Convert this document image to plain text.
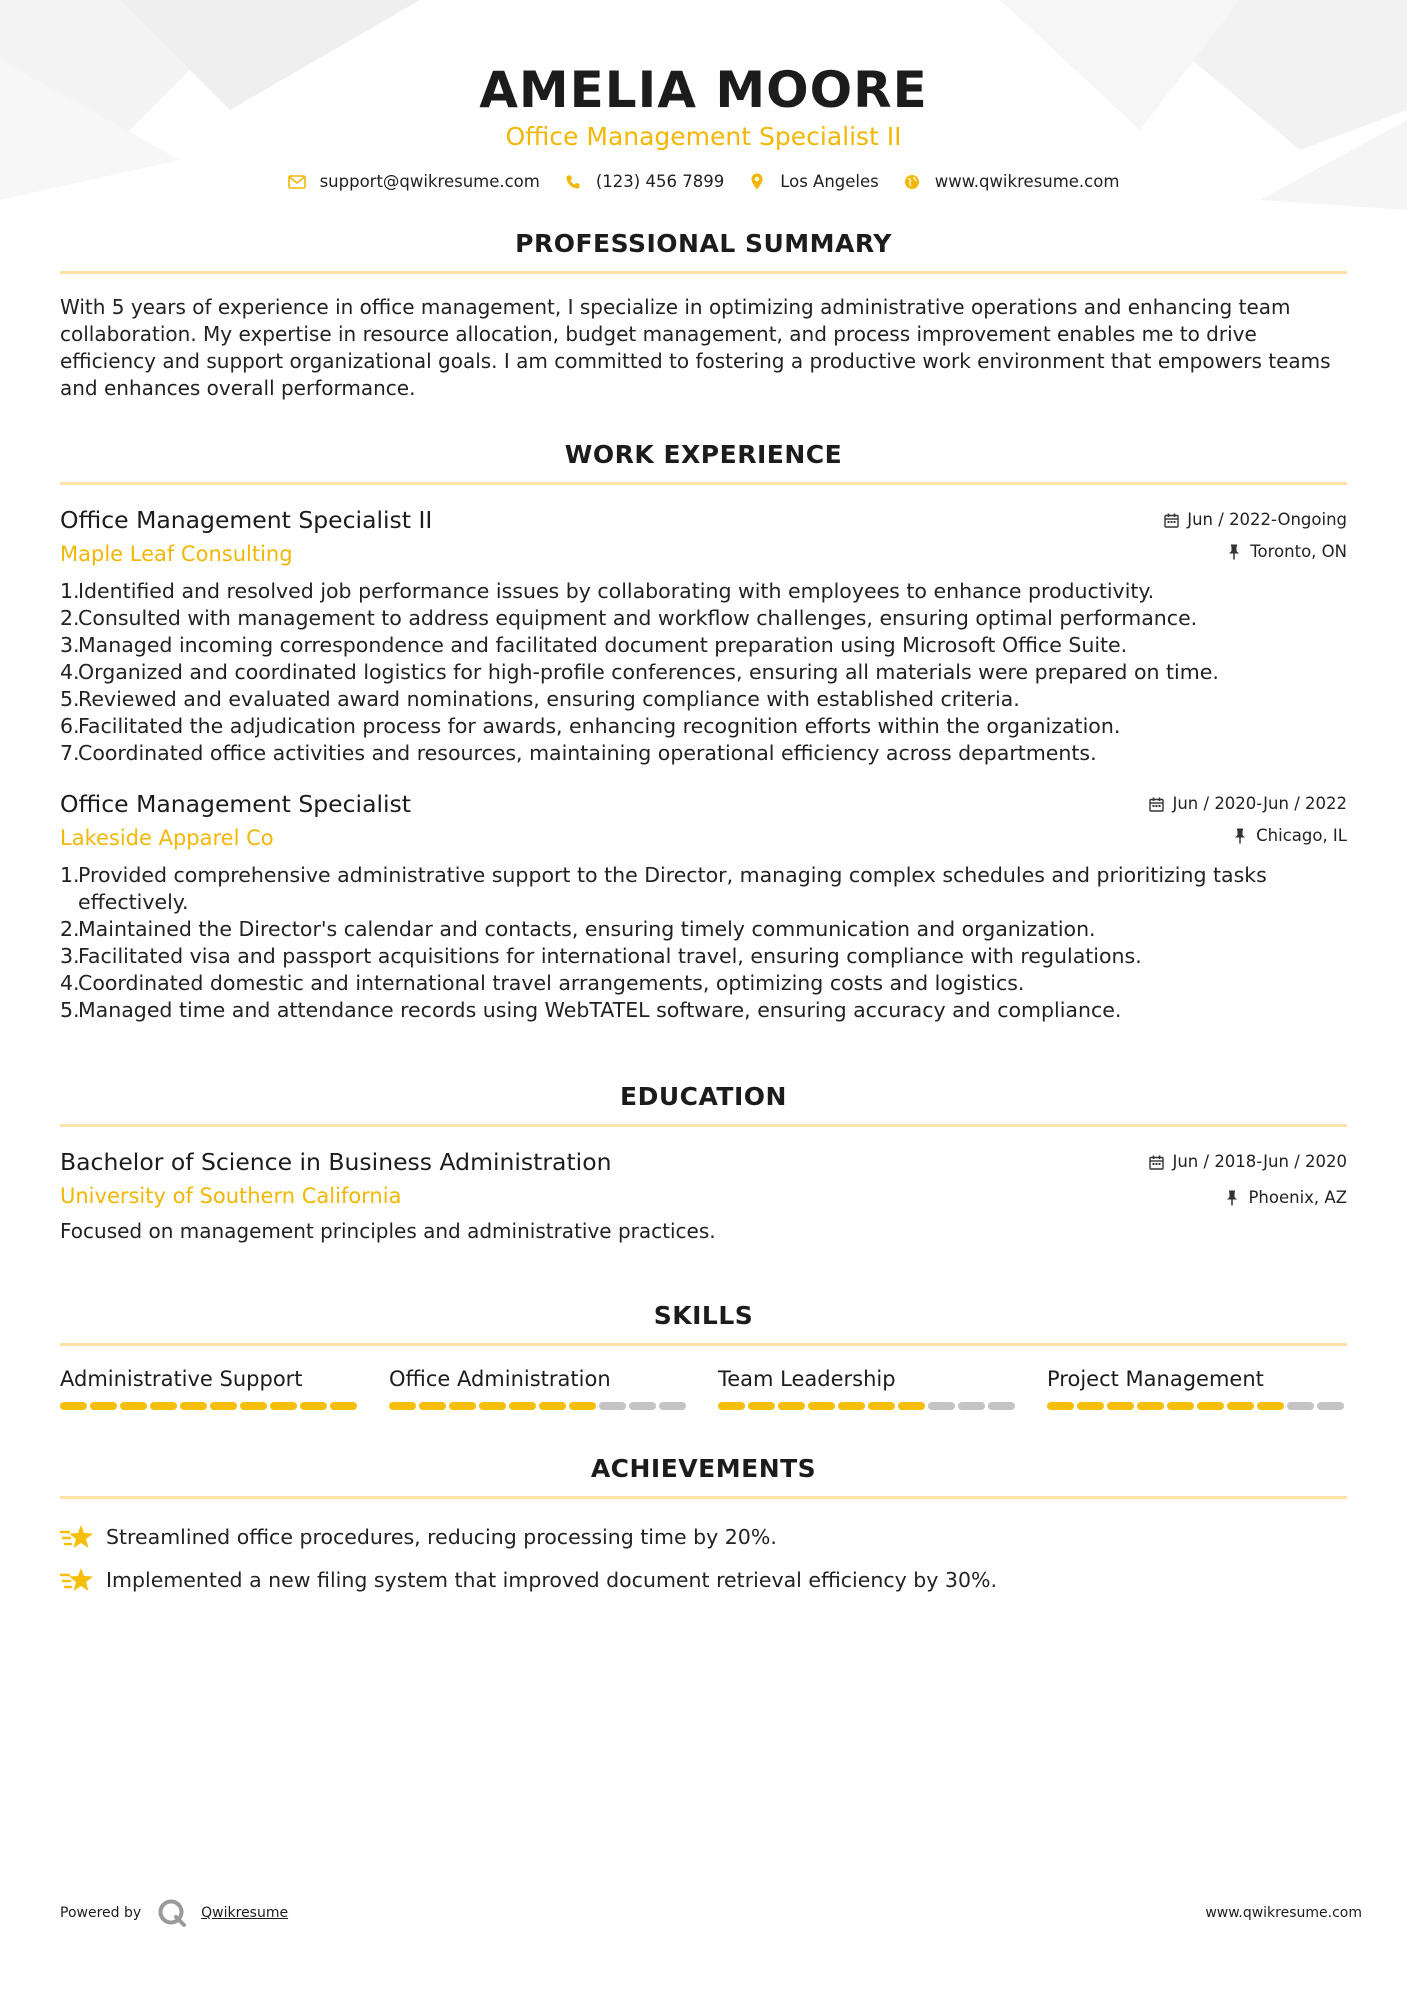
AMELIA MOORE
Office Management Specialist II
support@qwikresume.com	(123) 456 7899	Los Angeles	www.qwikresume.com
PROFESSIONAL SUMMARY
With 5 years of experience in office management, I specialize in optimizing administrative operations and enhancing team collaboration. My expertise in resource allocation, budget management, and process improvement enables me to drive efficiency and support organizational goals. I am committed to fostering a productive work environment that empowers teams and enhances overall performance.
WORK EXPERIENCE
Office Management Specialist II
Maple Leaf Consulting
Jun / 2022-Ongoing
Toronto, ON
1.
Identified and resolved job performance issues by collaborating with employees to enhance productivity.
2.
Consulted with management to address equipment and workflow challenges, ensuring optimal performance.
3.
Managed incoming correspondence and facilitated document preparation using Microsoft Office Suite.
4.
Organized and coordinated logistics for high-profile conferences, ensuring all materials were prepared on time.
5.
Reviewed and evaluated award nominations, ensuring compliance with established criteria.
6.
Facilitated the adjudication process for awards, enhancing recognition efforts within the organization.
7.
Coordinated office activities and resources, maintaining operational efficiency across departments.
Office Management Specialist
Lakeside Apparel Co
Jun / 2020-Jun / 2022
Chicago, IL
1.
Provided comprehensive administrative support to the Director, managing complex schedules and prioritizing tasks effectively.
2.
Maintained the Director's calendar and contacts, ensuring timely communication and organization.
3.
Facilitated visa and passport acquisitions for international travel, ensuring compliance with regulations.
4.
Coordinated domestic and international travel arrangements, optimizing costs and logistics.
5.
Managed time and attendance records using WebTATEL software, ensuring accuracy and compliance.
EDUCATION
Bachelor of Science in Business Administration
University of Southern California
Jun / 2018-Jun / 2020
Phoenix, AZ
Focused on management principles and administrative practices.
SKILLS
Administrative Support	Office Administration	Team Leadership	Project Management
ACHIEVEMENTS
Streamlined office procedures, reducing processing time by 20%.
Implemented a new filing system that improved document retrieval efficiency by 30%.
Powered by	Qwikresume	www.qwikresume.com
